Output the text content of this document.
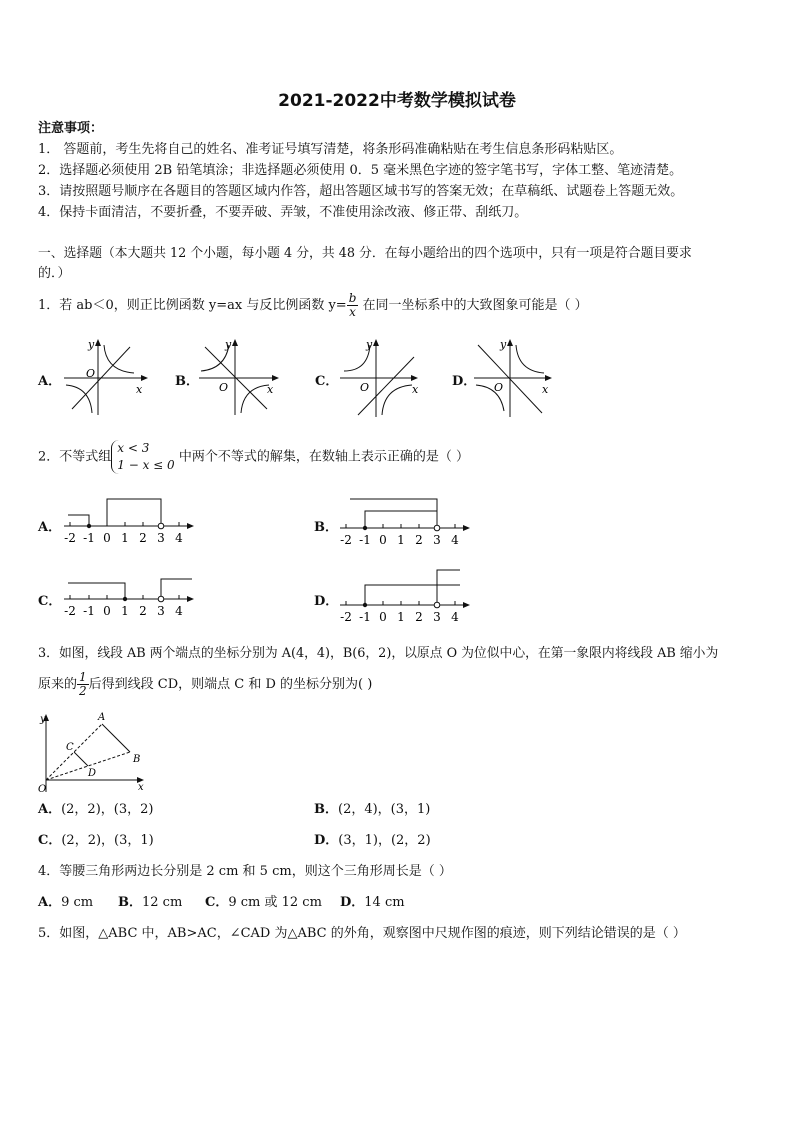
2021-2022中考数学模拟试卷
注意事项：
1． 答题前，考生先将自己的姓名、准考证号填写清楚，将条形码准确粘贴在考生信息条形码粘贴区。
2．选择题必须使用 2B 铅笔填涂；非选择题必须使用 0．5 毫米黑色字迹的签字笔书写，字体工整、笔迹清楚。
3．请按照题号顺序在各题目的答题区域内作答，超出答题区域书写的答案无效；在草稿纸、试题卷上答题无效。
4．保持卡面清洁，不要折叠，不要弄破、弄皱，不准使用涂改液、修正带、刮纸刀。
一、选择题（本大题共 12 个小题，每小题 4 分，共 48 分．在每小题给出的四个选项中，只有一项是符合题目要求
的．）
1．若 ab＜0，则正比例函数 y=ax 与反比例函数 $y= \frac{b}{x}$ 在同一坐标系中的大致图象可能是（ ）
A．
y
x
O
B．
y
x
O	C．
y
x
O	D．
y
x
O
2．不等式组
x < 3
1 − x ≤ 0
中两个不等式的解集，在数轴上表示正确的是（ ）
A．
-2 -1 0 1 2 3 4
B．
-2 -1 0 1 2 3 4
C．
-2 -1 0 1 2 3 4
D．
-2 -1 0 1 2 3 4
3．如图，线段 AB 两个端点的坐标分别为 A(4，4)，B(6，2)，以原点 O 为位似中心，在第一象限内将线段 AB 缩小为
原来的 $\frac{1}{2}$ 后得到线段 CD，则端点 C 和 D 的坐标分别为( )
y
x
O
A
B
C
D
A．(2，2)，(3，2)	B．(2，4)，(3，1)
C．(2，2)，(3，1)	D．(3，1)，(2，2)
4．等腰三角形两边长分别是 2 cm 和 5 cm，则这个三角形周长是（ ）
A．9 cm B．12 cm C．9 cm 或 12 cm D．14 cm
5．如图，△ABC 中，AB>AC，∠CAD 为△ABC 的外角，观察图中尺规作图的痕迹，则下列结论错误的是（ ）
